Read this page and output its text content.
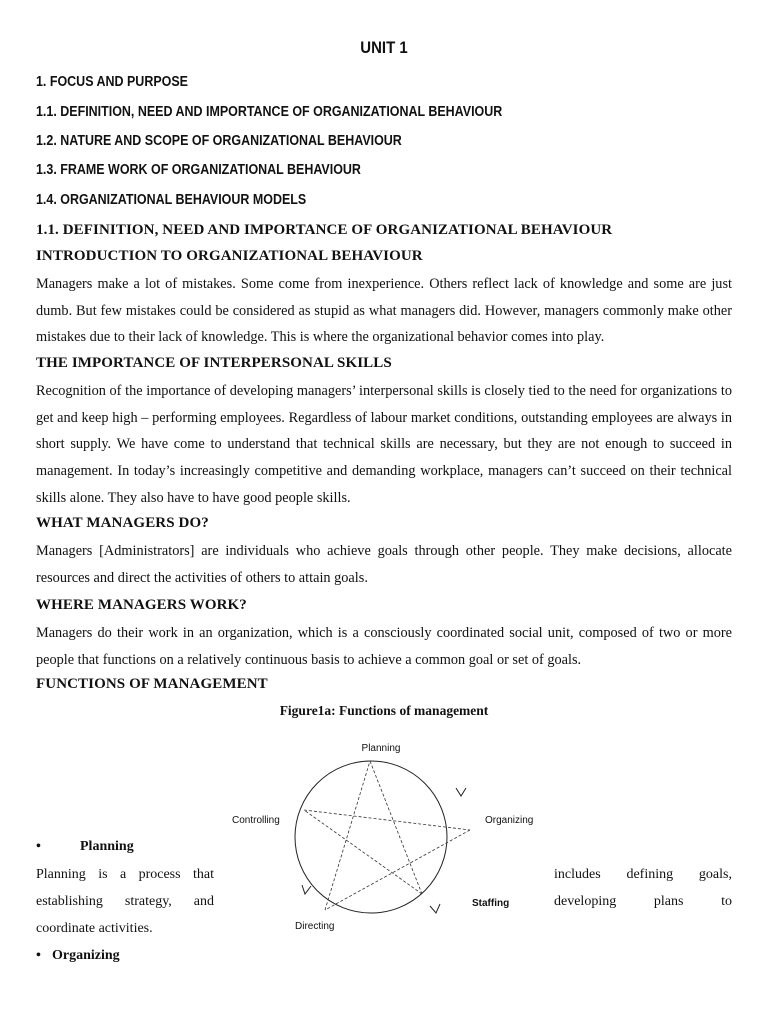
UNIT 1
1. FOCUS AND PURPOSE
1.1. DEFINITION, NEED AND IMPORTANCE OF ORGANIZATIONAL BEHAVIOUR
1.2. NATURE AND SCOPE OF ORGANIZATIONAL BEHAVIOUR
1.3. FRAME WORK OF ORGANIZATIONAL BEHAVIOUR
1.4. ORGANIZATIONAL BEHAVIOUR MODELS
1.1. DEFINITION, NEED AND IMPORTANCE OF ORGANIZATIONAL BEHAVIOUR
INTRODUCTION TO ORGANIZATIONAL BEHAVIOUR

Managers make a lot of mistakes. Some come from inexperience. Others reflect lack of knowledge and some are just dumb. But few mistakes could be considered as stupid as what managers did. However, managers commonly make other mistakes due to their lack of knowledge. This is where the organizational behavior comes into play.

THE IMPORTANCE OF INTERPERSONAL SKILLS

Recognition of the importance of developing managers’ interpersonal skills is closely tied to the need for organizations to get and keep high – performing employees. Regardless of labour market conditions, outstanding employees are always in short supply. We have come to understand that technical skills are necessary, but they are not enough to succeed in management. In today’s increasingly competitive and demanding workplace, managers can’t succeed on their technical skills alone. They also have to have good people skills.

WHAT MANAGERS DO?

Managers [Administrators] are individuals who achieve goals through other people. They make decisions, allocate resources and direct the activities of others to attain goals.

WHERE MANAGERS WORK?

Managers do their work in an organization, which is a consciously coordinated social unit, composed of two or more people that functions on a relatively continuous basis to achieve a common goal or set of goals.

FUNCTIONS OF MANAGEMENT
Figure1a: Functions of management
Planning
Organizing
Staffing
Directing
Controlling
•	Planning
Planning is a process that
establishing strategy, and
coordinate activities.
includes defining goals,
developing plans to
• Organizing
